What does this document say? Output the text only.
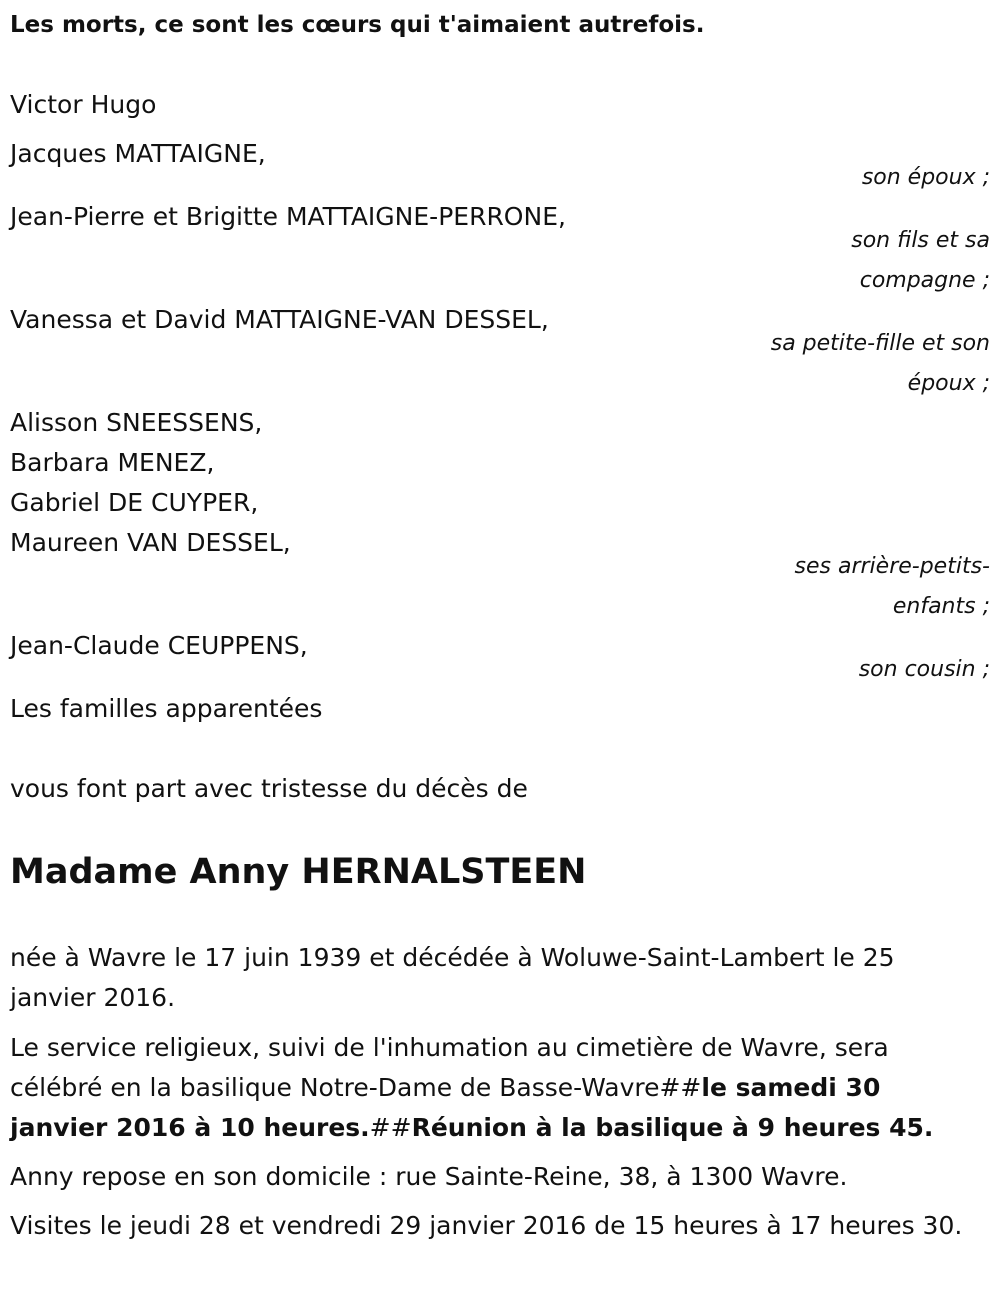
Les morts, ce sont les cœurs qui t'aimaient autrefois.

Victor Hugo

Jacques MATTAIGNE,

son époux ;

Jean-Pierre et Brigitte MATTAIGNE-PERRONE,

son fils et sa
compagne ;

Vanessa et David MATTAIGNE-VAN DESSEL,

sa petite-fille et son
époux ;

Alisson SNEESSENS,

Barbara MENEZ,

Gabriel DE CUYPER,

Maureen VAN DESSEL,

ses arrière-petits-
enfants ;

Jean-Claude CEUPPENS,

son cousin ;

Les familles apparentées

vous font part avec tristesse du décès de

Madame Anny HERNALSTEEN

née à Wavre le 17 juin 1939 et décédée à Woluwe-Saint-Lambert le 25 janvier 2016.

Le service religieux, suivi de l'inhumation au cimetière de Wavre, sera célébré en la basilique Notre-Dame de Basse-Wavre##le samedi 30 janvier 2016 à 10 heures.##Réunion à la basilique à 9 heures 45.

Anny repose en son domicile : rue Sainte-Reine, 38, à 1300 Wavre.

Visites le jeudi 28 et vendredi 29 janvier 2016 de 15 heures à 17 heures 30.
